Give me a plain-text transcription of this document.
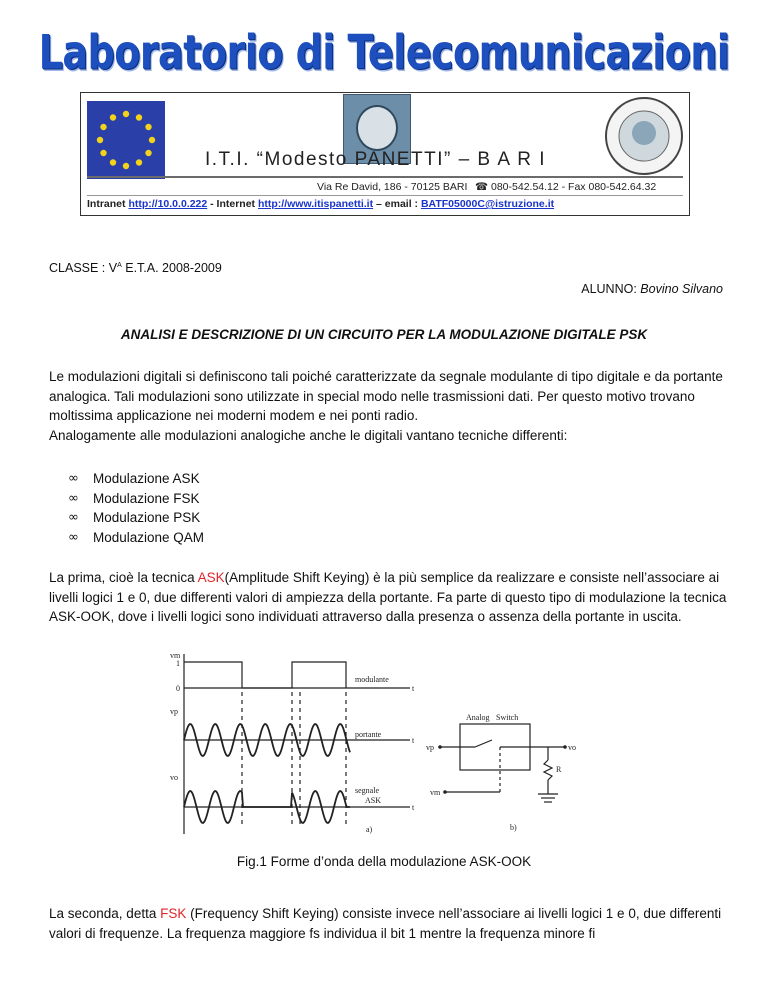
Laboratorio di Telecomunicazioni
I.T.I. “Modesto PANETTI” – B A R I
Via Re David, 186 - 70125 BARI ☎ 080-542.54.12 - Fax 080-542.64.32
Intranet http://10.0.0.222 - Internet http://www.itispanetti.it – email : BATF05000C@istruzione.it
CLASSE : $V^A$ E.T.A. 2008-2009
ALUNNO: Bovino Silvano
ANALISI E DESCRIZIONE DI UN CIRCUITO PER LA MODULAZIONE DIGITALE PSK
Le modulazioni digitali si definiscono tali poiché caratterizzate da segnale modulante di tipo digitale e da portante analogica. Tali modulazioni sono utilizzate in special modo nelle trasmissioni dati. Per questo motivo trovano moltissima applicazione nei moderni modem e nei ponti radio.
Analogamente alle modulazioni analogiche anche le digitali vantano tecniche differenti:
∞	Modulazione ASK
∞	Modulazione FSK
∞	Modulazione PSK
∞	Modulazione QAM
La prima, cioè la tecnica ASK(Amplitude Shift Keying) è la più semplice da realizzare e consiste nell’associare ai livelli logici 1 e 0, due differenti valori di ampiezza della portante. Fa parte di questo tipo di modulazione la tecnica ASK-OOK, dove i livelli logici sono individuati attraverso dalla presenza o assenza della portante in uscita.
vm
1
0
modulante
t
vp
portante
t
vo
segnale
ASK
t
a)
Analog Switch
vp	vo
vm
R
b)
Fig.1 Forme d’onda della modulazione ASK-OOK
La seconda, detta FSK (Frequency Shift Keying) consiste invece nell’associare ai livelli logici 1 e 0, due differenti valori di frequenze. La frequenza maggiore fs individua il bit 1 mentre la frequenza minore fi
